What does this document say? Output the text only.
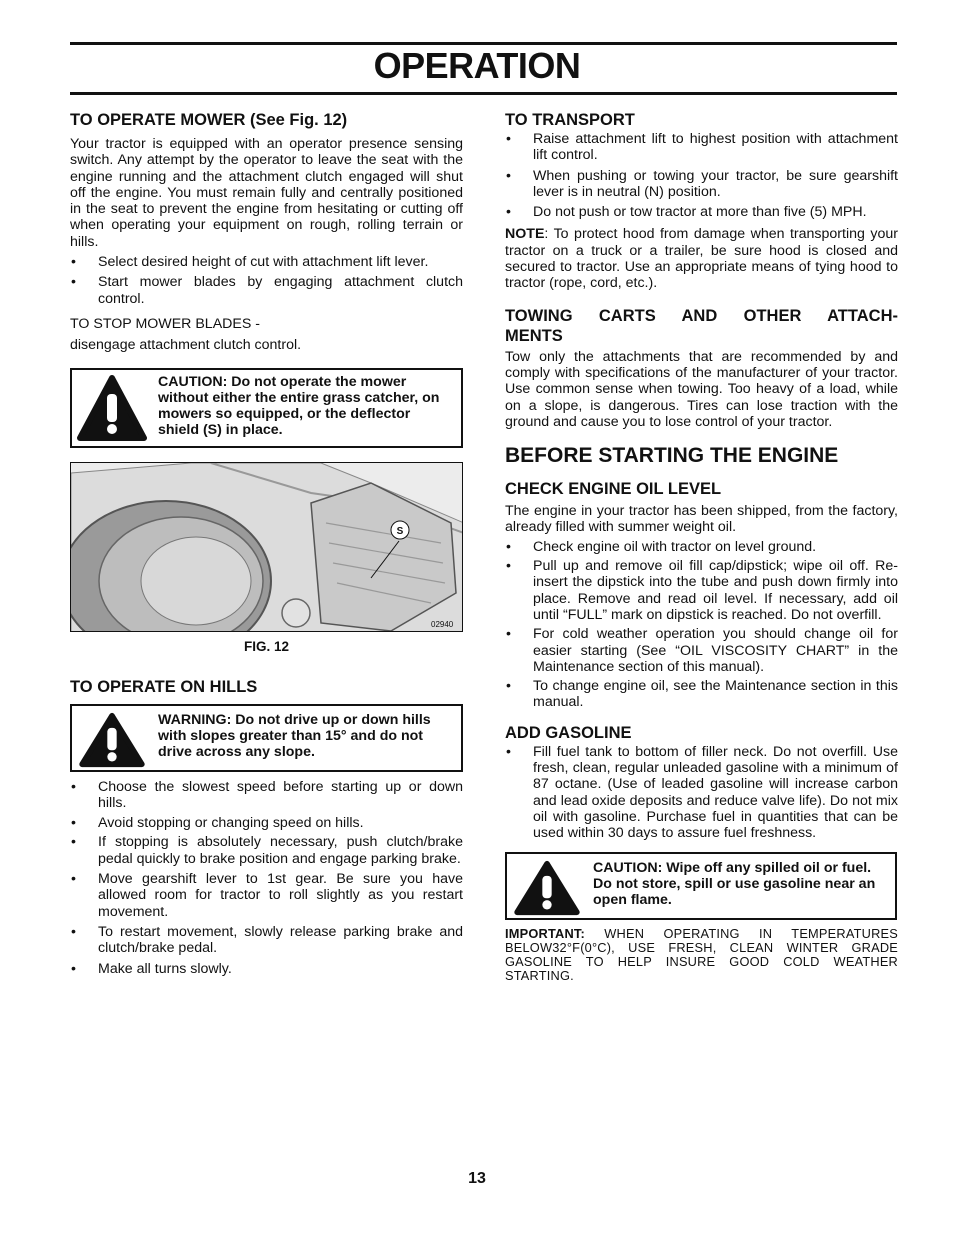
OPERATION
TO OPERATE MOWER (See Fig. 12)

Your tractor is equipped with an operator presence sensing switch. Any attempt by the operator to leave the seat with the engine running and the attachment clutch engaged will shut off the engine. You must remain fully and centrally positioned in the seat to prevent the engine from hesitating or cutting off when operating your equipment on rough, rolling terrain or hills.

• Select desired height of cut with attachment lift lever.
• Start mower blades by engaging attachment clutch control.

TO STOP MOWER BLADES -

disengage attachment clutch control.

CAUTION: Do not operate the mower without either the entire grass catcher, on mowers so equipped, or the deflector shield (S) in place.
S
02940
FIG. 12
TO OPERATE ON HILLS
WARNING: Do not drive up or down hills with slopes greater than 15° and do not drive across any slope.
• Choose the slowest speed before starting up or down hills.
• Avoid stopping or changing speed on hills.
• If stopping is absolutely necessary, push clutch/brake pedal quickly to brake position and engage parking brake.
• Move gearshift lever to 1st gear. Be sure you have allowed room for tractor to roll slightly as you restart movement.
• To restart movement, slowly release parking brake and clutch/brake pedal.
• Make all turns slowly.
TO TRANSPORT
• Raise attachment lift to highest position with attachment lift control.
• When pushing or towing your tractor, be sure gearshift lever is in neutral (N) position.
• Do not push or tow tractor at more than five (5) MPH.

NOTE: To protect hood from damage when transporting your tractor on a truck or a trailer, be sure hood is closed and secured to tractor. Use an appropriate means of tying hood to tractor (rope, cord, etc.).

TOWING CARTS AND OTHER ATTACH-
MENTS

Tow only the attachments that are recommended by and comply with specifications of the manufacturer of your tractor. Use common sense when towing. Too heavy of a load, while on a slope, is dangerous. Tires can lose traction with the ground and cause you to lose control of your tractor.

BEFORE STARTING THE ENGINE
CHECK ENGINE OIL LEVEL

The engine in your tractor has been shipped, from the factory, already filled with summer weight oil.

• Check engine oil with tractor on level ground.
• Pull up and remove oil fill cap/dipstick; wipe oil off. Re-insert the dipstick into the tube and push down firmly into place. Remove and read oil level. If necessary, add oil until “FULL” mark on dipstick is reached. Do not overfill.
• For cold weather operation you should change oil for easier starting (See “OIL VISCOSITY CHART” in the Maintenance section of this manual).
• To change engine oil, see the Maintenance section in this manual.
ADD GASOLINE
• Fill fuel tank to bottom of filler neck. Do not overfill. Use fresh, clean, regular unleaded gasoline with a minimum of 87 octane. (Use of leaded gasoline will increase carbon and lead oxide deposits and reduce valve life). Do not mix oil with gasoline. Purchase fuel in quantities that can be used within 30 days to assure fuel freshness.
CAUTION: Wipe off any spilled oil or fuel. Do not store, spill or use gasoline near an open flame.

IMPORTANT: WHEN OPERATING IN TEMPERATURES BELOW32°F(0°C), USE FRESH, CLEAN WINTER GRADE GASOLINE TO HELP INSURE GOOD COLD WEATHER STARTING.

13
